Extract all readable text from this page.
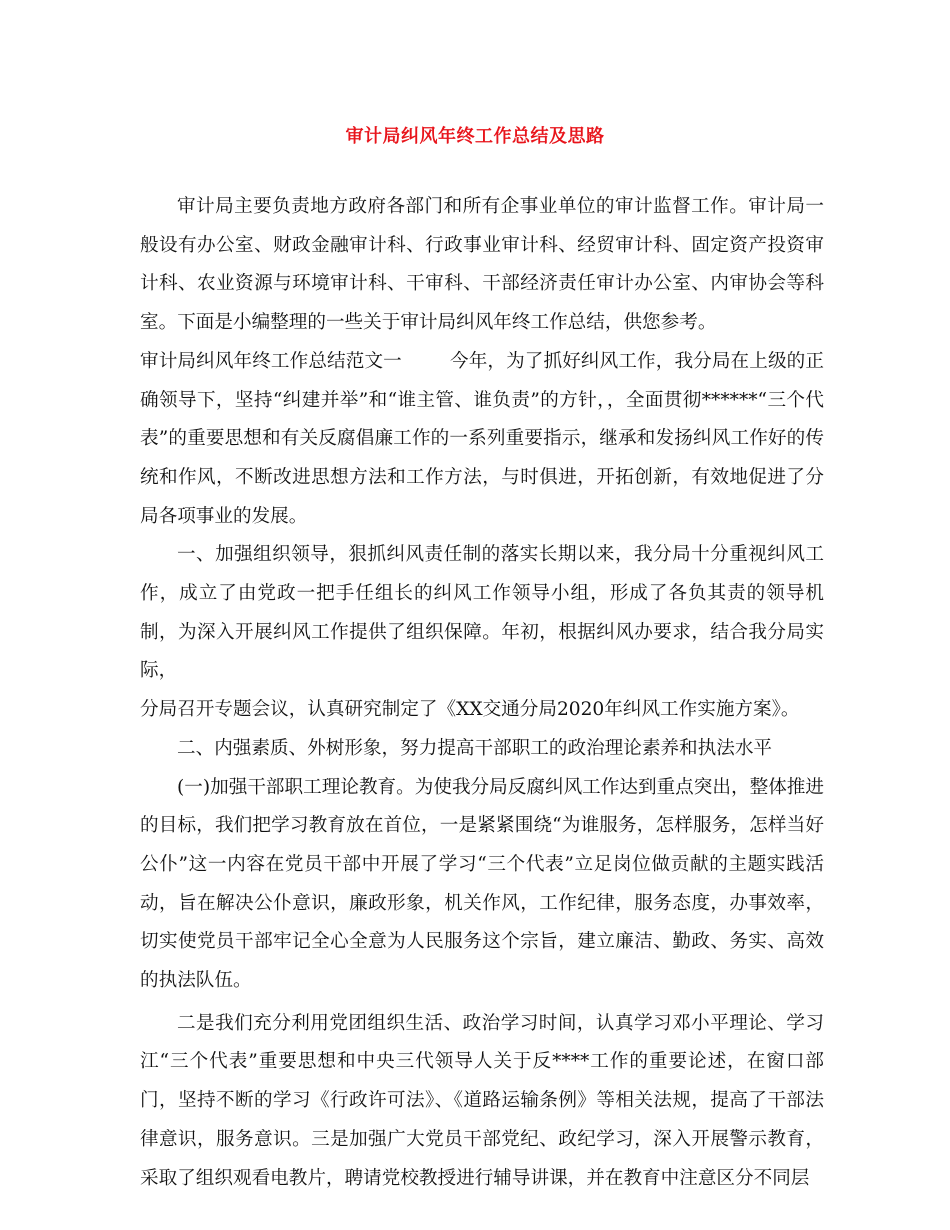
审计局纠风年终工作总结及思路

审计局主要负责地方政府各部门和所有企事业单位的审计监督工作。审计局一般设有办公室、财政金融审计科、行政事业审计科、经贸审计科、固定资产投资审计科、农业资源与环境审计科、干审科、干部经济责任审计办公室、内审协会等科室。下面是小编整理的一些关于审计局纠风年终工作总结，供您参考。

审计局纠风年终工作总结范文一	今年，为了抓好纠风工作，我分局在上级的正确领导下，坚持“纠建并举”和“谁主管、谁负责”的方针，，全面贯彻******“三个代表”的重要思想和有关反腐倡廉工作的一系列重要指示，继承和发扬纠风工作好的传统和作风，不断改进思想方法和工作方法，与时俱进，开拓创新，有效地促进了分局各项事业的发展。

一、加强组织领导，狠抓纠风责任制的落实长期以来，我分局十分重视纠风工作，成立了由党政一把手任组长的纠风工作领导小组，形成了各负其责的领导机制，为深入开展纠风工作提供了组织保障。年初，根据纠风办要求，结合我分局实际，

分局召开专题会议，认真研究制定了《XX交通分局2020年纠风工作实施方案》。

二、内强素质、外树形象，努力提高干部职工的政治理论素养和执法水平

(一)加强干部职工理论教育。为使我分局反腐纠风工作达到重点突出，整体推进的目标，我们把学习教育放在首位，一是紧紧围绕“为谁服务，怎样服务，怎样当好公仆”这一内容在党员干部中开展了学习“三个代表”立足岗位做贡献的主题实践活动，旨在解决公仆意识，廉政形象，机关作风，工作纪律，服务态度，办事效率，切实使党员干部牢记全心全意为人民服务这个宗旨，建立廉洁、勤政、务实、高效的执法队伍。

二是我们充分利用党团组织生活、政治学习时间，认真学习邓小平理论、学习江“三个代表”重要思想和中央三代领导人关于反****工作的重要论述，在窗口部门，坚持不断的学习《行政许可法》、《道路运输条例》等相关法规，提高了干部法律意识，服务意识。三是加强广大党员干部党纪、政纪学习，深入开展警示教育，采取了组织观看电教片，聘请党校教授进行辅导讲课，并在教育中注意区分不同层
